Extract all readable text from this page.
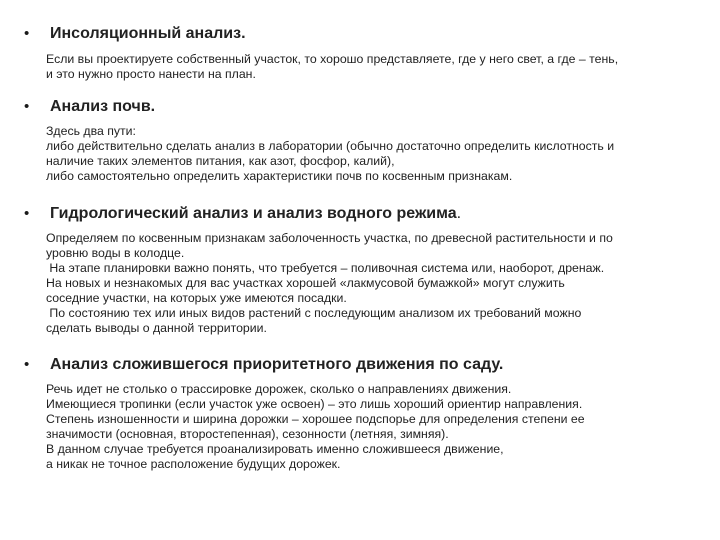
•	Инсоляционный анализ.
Если вы проектируете собственный участок, то хорошо представляете, где у него свет, а где – тень,
и это нужно просто нанести на план.
•	Анализ почв.
Здесь два пути:
либо действительно сделать анализ в лаборатории (обычно достаточно определить кислотность и
наличие таких элементов питания, как азот, фосфор, калий),
либо самостоятельно определить характеристики почв по косвенным признакам.
•	Гидрологический анализ и анализ водного режима.
Определяем по косвенным признакам заболоченность участка, по древесной растительности и по
уровню воды в колодце.
На этапе планировки важно понять, что требуется – поливочная система или, наоборот, дренаж.
На новых и незнакомых для вас участках хорошей «лакмусовой бумажкой» могут служить
соседние участки, на которых уже имеются посадки.
По состоянию тех или иных видов растений с последующим анализом их требований можно
сделать выводы о данной территории.
•	Анализ сложившегося приоритетного движения по саду.
Речь идет не столько о трассировке дорожек, сколько о направлениях движения.
Имеющиеся тропинки (если участок уже освоен) – это лишь хороший ориентир направления.
Степень изношенности и ширина дорожки – хорошее подспорье для определения степени ее
значимости (основная, второстепенная), сезонности (летняя, зимняя).
В данном случае требуется проанализировать именно сложившееся движение,
а никак не точное расположение будущих дорожек.
